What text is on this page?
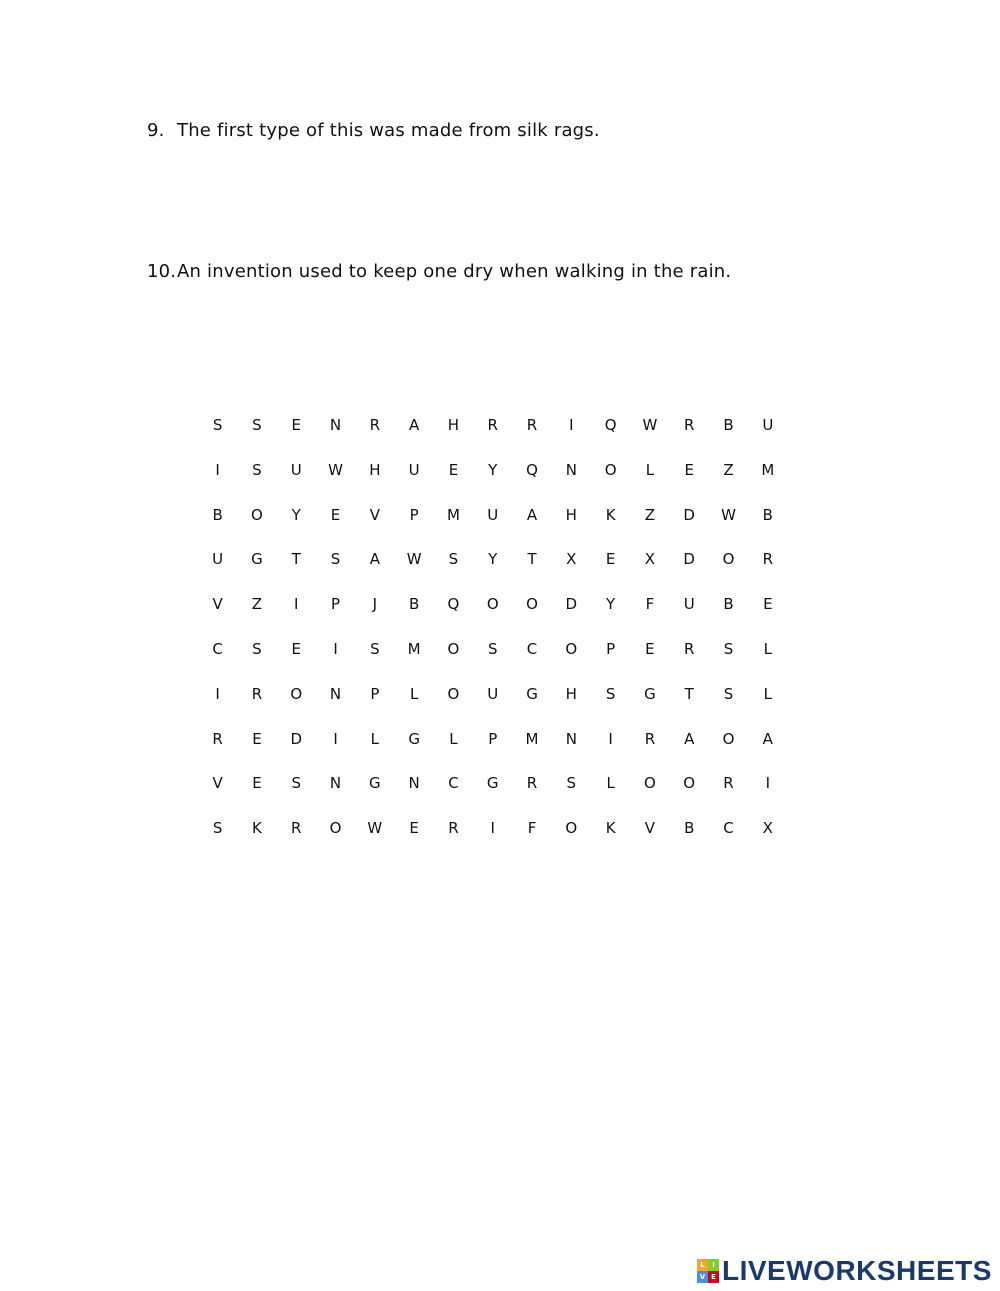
9. The first type of this was made from silk rags.
10.An invention used to keep one dry when walking in the rain.
S	S	E	N	R	A	H	R	R	I	Q	W	R	B	U
I	S	U	W	H	U	E	Y	Q	N	O	L	E	Z	M
B	O	Y	E	V	P	M	U	A	H	K	Z	D	W	B
U	G	T	S	A	W	S	Y	T	X	E	X	D	O	R
V	Z	I	P	J	B	Q	O	O	D	Y	F	U	B	E
C	S	E	I	S	M	O	S	C	O	P	E	R	S	L
I	R	O	N	P	L	O	U	G	H	S	G	T	S	L
R	E	D	I	L	G	L	P	M	N	I	R	A	O	A
V	E	S	N	G	N	C	G	R	S	L	O	O	R	I
S	K	R	O	W	E	R	I	F	O	K	V	B	C	X
L	I
V E LIVEWORKSHEETS
